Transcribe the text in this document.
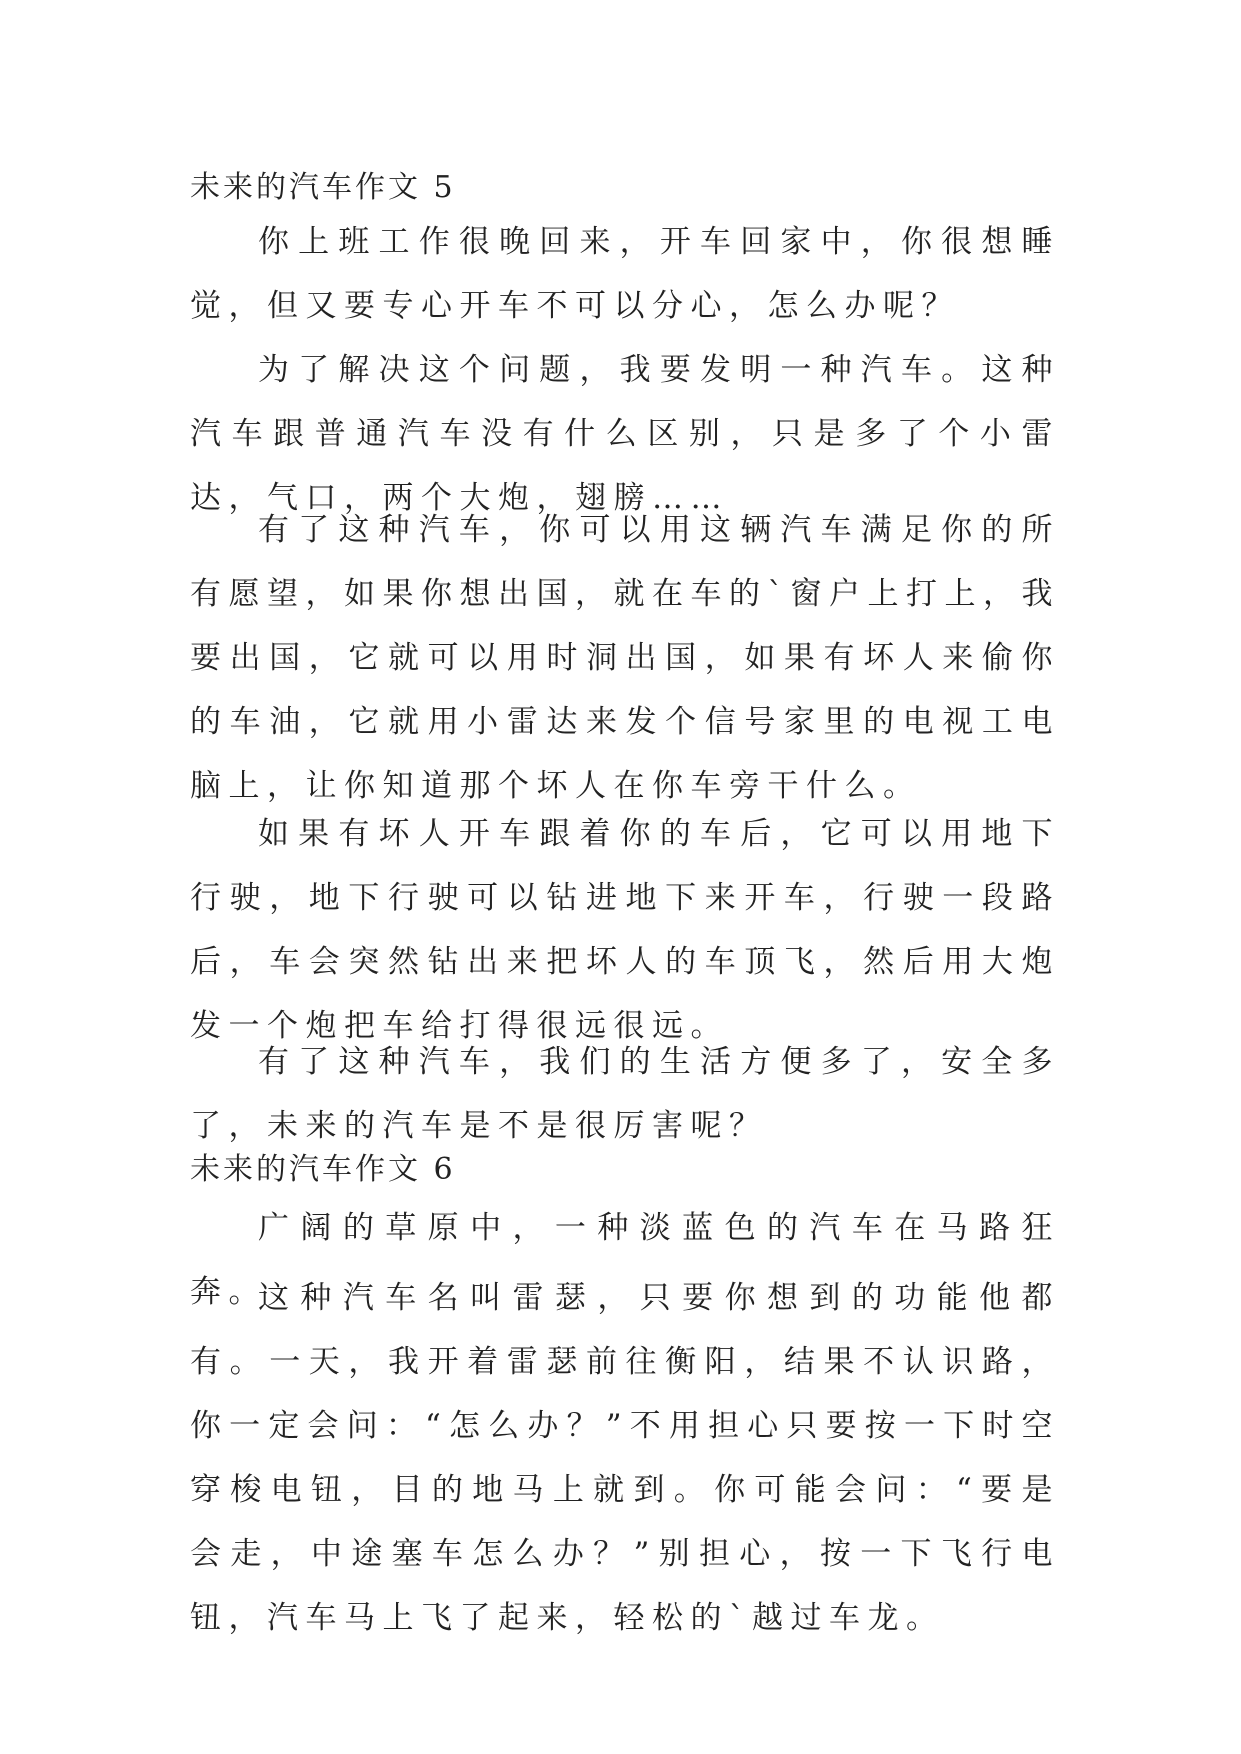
未来的汽车作文 5

你上班工作很晚回来，开车回家中，你很想睡觉，但又要专心开车不可以分心，怎么办呢？

为了解决这个问题，我要发明一种汽车。这种汽车跟普通汽车没有什么区别，只是多了个小雷达，气口，两个大炮，翅膀……

有了这种汽车，你可以用这辆汽车满足你的所有愿望，如果你想出国，就在车的`窗户上打上，我要出国，它就可以用时洞出国，如果有坏人来偷你的车油，它就用小雷达来发个信号家里的电视工电脑上，让你知道那个坏人在你车旁干什么。

如果有坏人开车跟着你的车后，它可以用地下行驶，地下行驶可以钻进地下来开车，行驶一段路后，车会突然钻出来把坏人的车顶飞，然后用大炮发一个炮把车给打得很远很远。

有了这种汽车，我们的生活方便多了，安全多了，未来的汽车是不是很厉害呢？

未来的汽车作文 6

广阔的草原中，一种淡蓝色的汽车在马路狂奔。

这种汽车名叫雷瑟，只要你想到的功能他都有。一天，我开着雷瑟前往衡阳，结果不认识路，你一定会问：“怎么办？”不用担心只要按一下时空穿梭电钮，目的地马上就到。你可能会问：“要是会走，中途塞车怎么办？”别担心，按一下飞行电钮，汽车马上飞了起来，轻松的`越过车龙。
